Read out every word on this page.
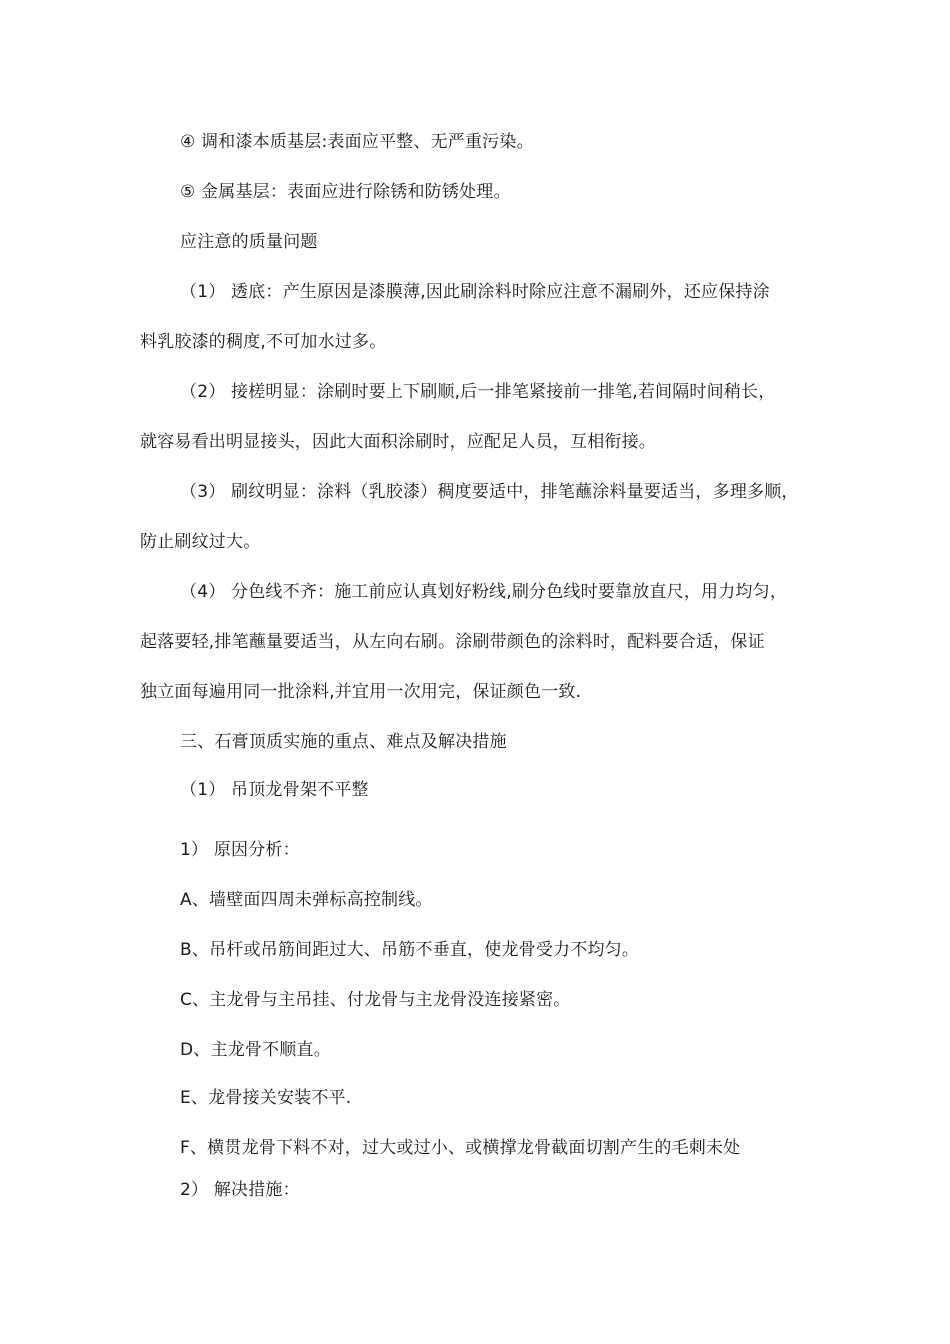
④ 调和漆本质基层:表面应平整、无严重污染。
⑤ 金属基层：表面应进行除锈和防锈处理。
应注意的质量问题
（1） 透底：产生原因是漆膜薄,因此刷涂料时除应注意不漏刷外，还应保持涂
料乳胶漆的稠度,不可加水过多。
（2） 接槎明显：涂刷时要上下刷顺,后一排笔紧接前一排笔,若间隔时间稍长，
就容易看出明显接头，因此大面积涂刷时，应配足人员，互相衔接。
（3） 刷纹明显：涂料（乳胶漆）稠度要适中，排笔蘸涂料量要适当，多理多顺，
防止刷纹过大。
（4） 分色线不齐：施工前应认真划好粉线,刷分色线时要靠放直尺，用力均匀，
起落要轻,排笔蘸量要适当，从左向右刷。涂刷带颜色的涂料时，配料要合适，保证
独立面每遍用同一批涂料,并宜用一次用完，保证颜色一致.
三、石膏顶质实施的重点、难点及解决措施
（1） 吊顶龙骨架不平整
1） 原因分析：
A、墙壁面四周未弹标高控制线。
B、吊杆或吊筋间距过大、吊筋不垂直，使龙骨受力不均匀。
C、主龙骨与主吊挂、付龙骨与主龙骨没连接紧密。
D、主龙骨不顺直。
E、龙骨接关安装不平.
F、横贯龙骨下料不对，过大或过小、或横撑龙骨截面切割产生的毛刺未处
2） 解决措施：
